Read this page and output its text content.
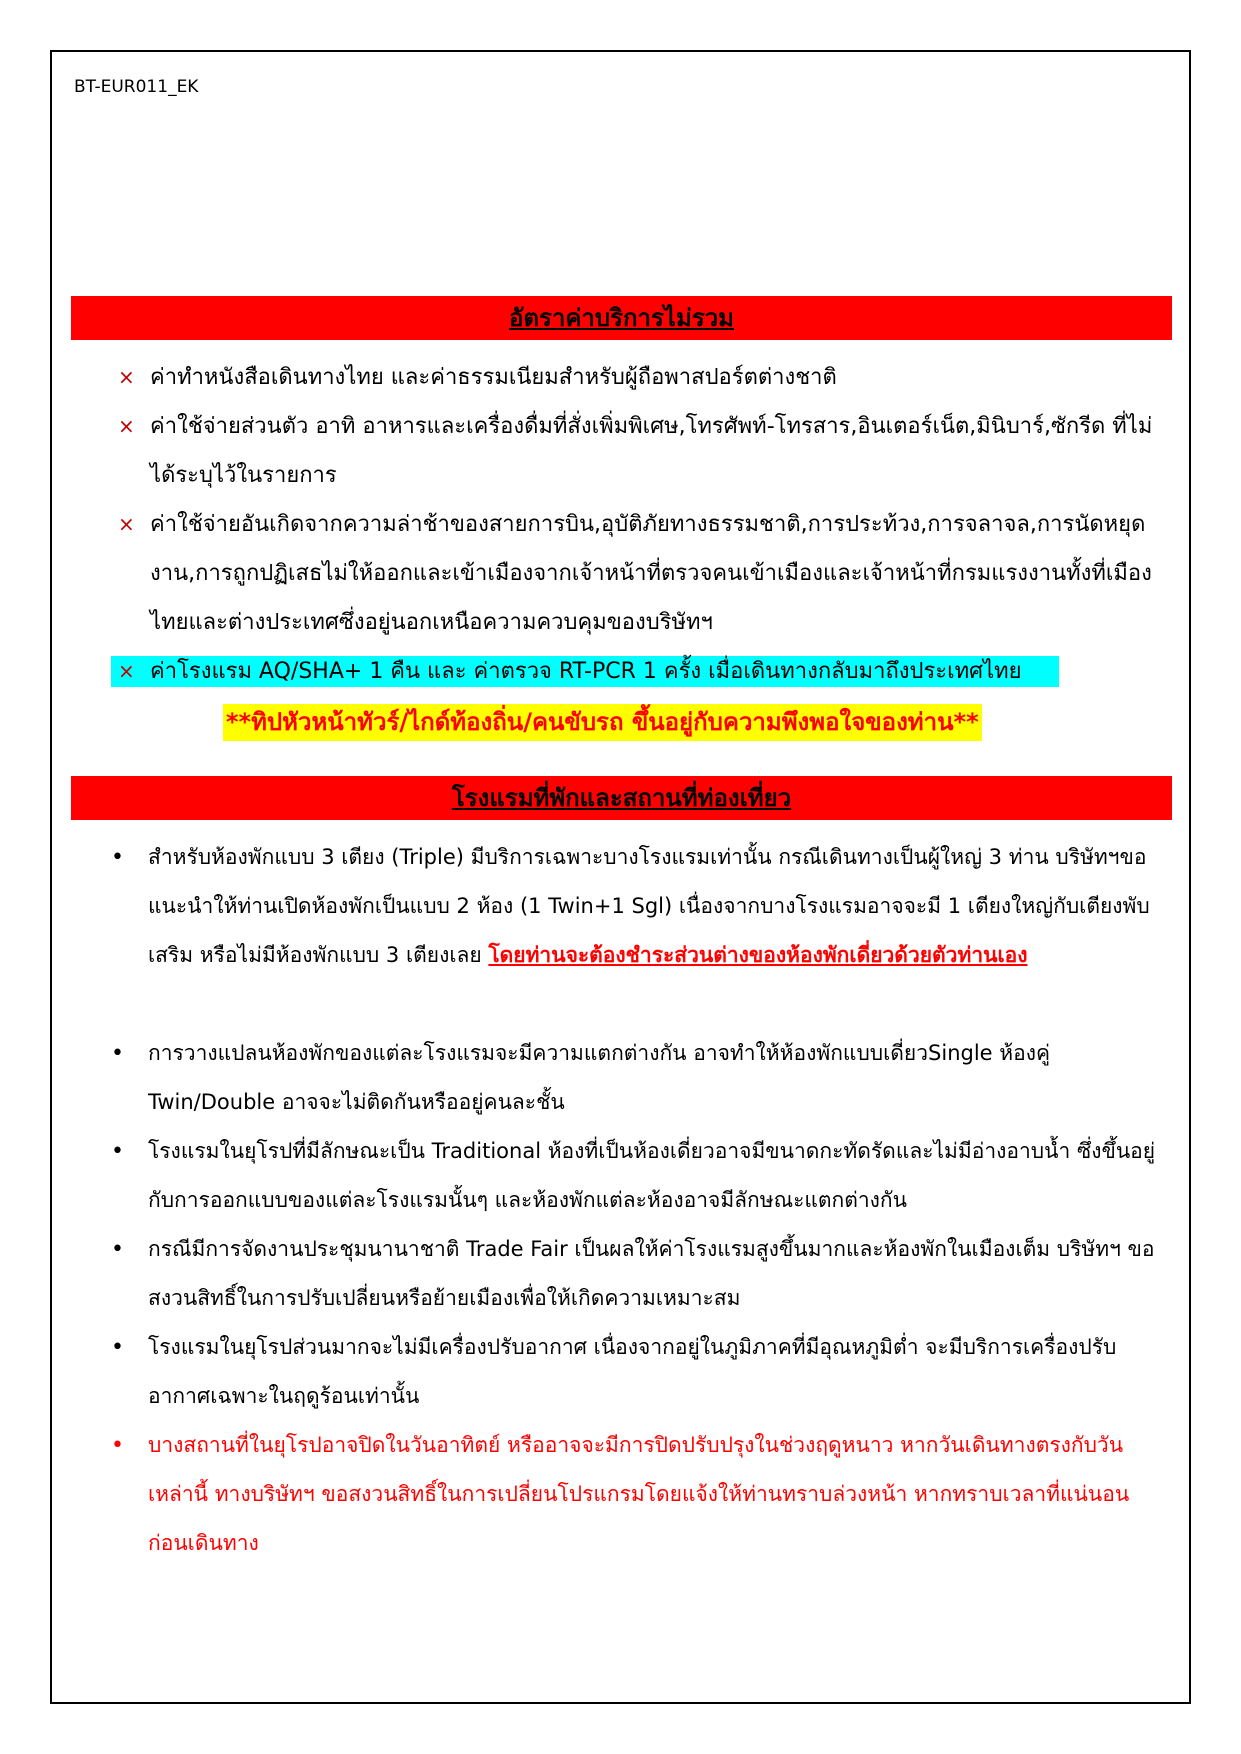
BT-EUR011_EK
อัตราค่าบริการไม่รวม
× ค่าทำหนังสือเดินทางไทย และค่าธรรมเนียมสำหรับผู้ถือพาสปอร์ตต่างชาติ
× ค่าใช้จ่ายส่วนตัว อาทิ อาหารและเครื่องดื่มที่สั่งเพิ่มพิเศษ,โทรศัพท์-โทรสาร,อินเตอร์เน็ต,มินิบาร์,ซักรีด ที่ไม่ได้ระบุไว้ในรายการ
× ค่าใช้จ่ายอันเกิดจากความล่าช้าของสายการบิน,อุบัติภัยทางธรรมชาติ,การประท้วง,การจลาจล,การนัดหยุดงาน,การถูกปฏิเสธไม่ให้ออกและเข้าเมืองจากเจ้าหน้าที่ตรวจคนเข้าเมืองและเจ้าหน้าที่กรมแรงงานทั้งที่เมืองไทยและต่างประเทศซึ่งอยู่นอกเหนือความควบคุมของบริษัทฯ
× ค่าโรงแรม AQ/SHA+ 1 คืน และ ค่าตรวจ RT-PCR 1 ครั้ง เมื่อเดินทางกลับมาถึงประเทศไทย
**ทิปหัวหน้าทัวร์/ไกด์ท้องถิ่น/คนขับรถ ขึ้นอยู่กับความพึงพอใจของท่าน**
โรงแรมที่พักและสถานที่ท่องเที่ยว
• สำหรับห้องพักแบบ 3 เตียง (Triple) มีบริการเฉพาะบางโรงแรมเท่านั้น กรณีเดินทางเป็นผู้ใหญ่ 3 ท่าน บริษัทฯขอแนะนำให้ท่านเปิดห้องพักเป็นแบบ 2 ห้อง (1 Twin+1 Sgl) เนื่องจากบางโรงแรมอาจจะมี 1 เตียงใหญ่กับเตียงพับเสริม หรือไม่มีห้องพักแบบ 3 เตียงเลย โดยท่านจะต้องชำระส่วนต่างของห้องพักเดี่ยวด้วยตัวท่านเอง
• การวางแปลนห้องพักของแต่ละโรงแรมจะมีความแตกต่างกัน อาจทำให้ห้องพักแบบเดี่ยวSingle ห้องคู่ Twin/Double อาจจะไม่ติดกันหรืออยู่คนละชั้น
• โรงแรมในยุโรปที่มีลักษณะเป็น Traditional ห้องที่เป็นห้องเดี่ยวอาจมีขนาดกะทัดรัดและไม่มีอ่างอาบน้ำ ซึ่งขึ้นอยู่กับการออกแบบของแต่ละโรงแรมนั้นๆ และห้องพักแต่ละห้องอาจมีลักษณะแตกต่างกัน
• กรณีมีการจัดงานประชุมนานาชาติ Trade Fair เป็นผลให้ค่าโรงแรมสูงขึ้นมากและห้องพักในเมืองเต็ม บริษัทฯ ขอสงวนสิทธิ์ในการปรับเปลี่ยนหรือย้ายเมืองเพื่อให้เกิดความเหมาะสม
• โรงแรมในยุโรปส่วนมากจะไม่มีเครื่องปรับอากาศ เนื่องจากอยู่ในภูมิภาคที่มีอุณหภูมิต่ำ จะมีบริการเครื่องปรับอากาศเฉพาะในฤดูร้อนเท่านั้น
• บางสถานที่ในยุโรปอาจปิดในวันอาทิตย์ หรืออาจจะมีการปิดปรับปรุงในช่วงฤดูหนาว หากวันเดินทางตรงกับวันเหล่านี้ ทางบริษัทฯ ขอสงวนสิทธิ์ในการเปลี่ยนโปรแกรมโดยแจ้งให้ท่านทราบล่วงหน้า หากทราบเวลาที่แน่นอนก่อนเดินทาง
